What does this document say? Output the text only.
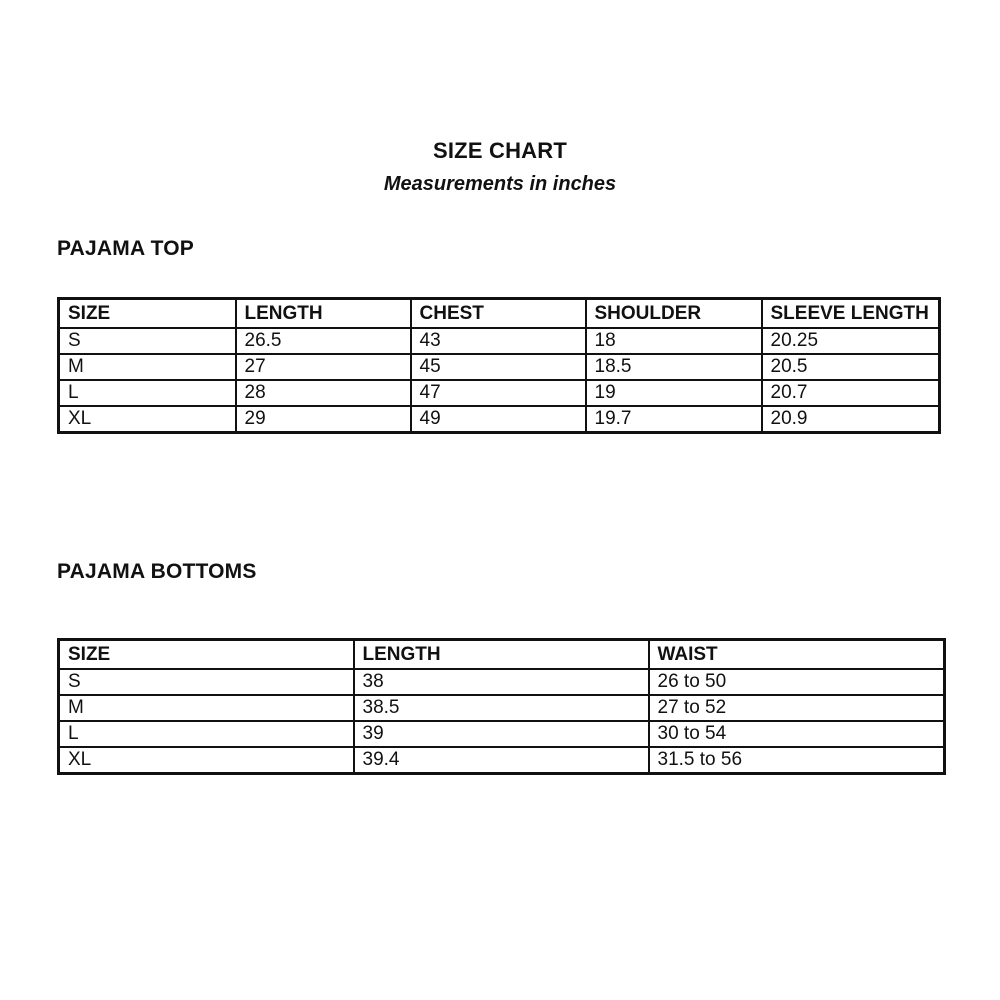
SIZE CHART
Measurements in inches
PAJAMA TOP
SIZE	LENGTH	CHEST	SHOULDER	SLEEVE LENGTH
S	26.5	43	18	20.25
M	27	45	18.5	20.5
L	28	47	19	20.7
XL	29	49	19.7	20.9
PAJAMA BOTTOMS
SIZE	LENGTH	WAIST
S	38	26 to 50
M	38.5	27 to 52
L	39	30 to 54
XL	39.4	31.5 to 56
